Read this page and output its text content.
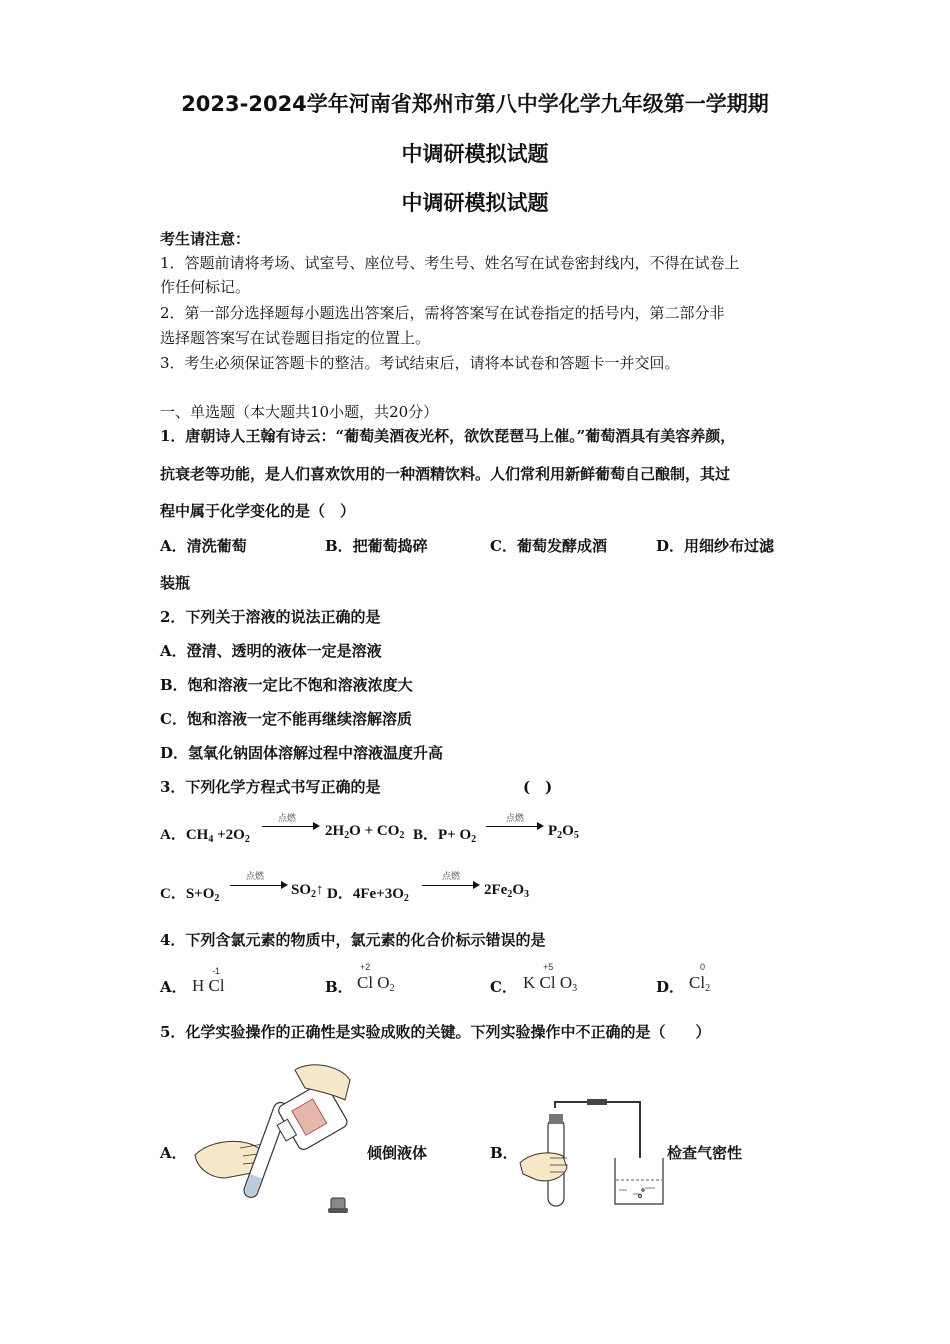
2023-2024学年河南省郑州市第八中学化学九年级第一学期期
中调研模拟试题
中调研模拟试题
考生请注意：
1．答题前请将考场、试室号、座位号、考生号、姓名写在试卷密封线内，不得在试卷上
作任何标记。
2．第一部分选择题每小题选出答案后，需将答案写在试卷指定的括号内，第二部分非
选择题答案写在试卷题目指定的位置上。
3．考生必须保证答题卡的整洁。考试结束后，请将本试卷和答题卡一并交回。
一、单选题（本大题共10小题，共20分）
1．唐朝诗人王翰有诗云：“葡萄美酒夜光杯，欲饮琵琶马上催。”葡萄酒具有美容养颜，
抗衰老等功能，是人们喜欢饮用的一种酒精饮料。人们常利用新鲜葡萄自己酿制，其过
程中属于化学变化的是（　）
A．清洗葡萄	B．把葡萄捣碎	C．葡萄发酵成酒	D．用细纱布过滤
装瓶
2．下列关于溶液的说法正确的是
A．澄清、透明的液体一定是溶液
B．饱和溶液一定比不饱和溶液浓度大
C．饱和溶液一定不能再继续溶解溶质
D．氢氧化钠固体溶解过程中溶液温度升高
3．下列化学方程式书写正确的是	(　)
A．$CH_4 +2O_2$
点燃
$2H_2O + CO_2$ B．$P+ O_2$
点燃
$P_2O_5$
C．$S+O_2$
点燃
$SO_2↑$ D．$4Fe+3O_2$
点燃
$2Fe_2O_3$
4．下列含氯元素的物质中，氯元素的化合价标示错误的是
A．
-1
H Cl	B．
+2
Cl $O_2$	C．
+5
K Cl $O_3$	D．
0
$Cl_2$
5．化学实验操作的正确性是实验成败的关键。下列实验操作中不正确的是（　　）
A．	倾倒液体	B．	检查气密性
